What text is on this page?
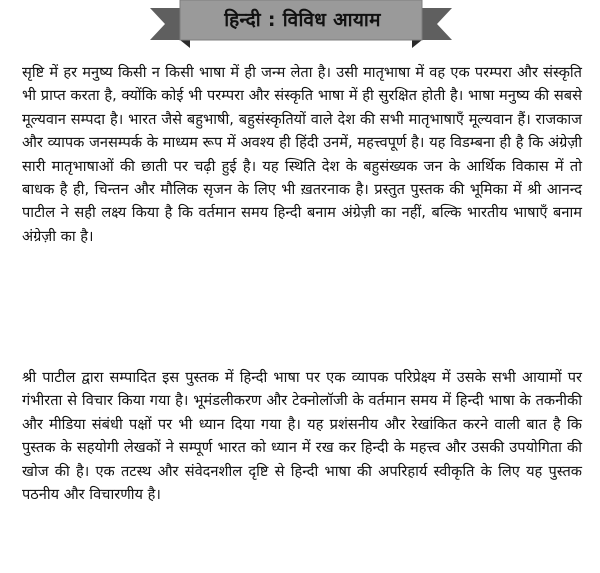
हिन्दी : विविध आयाम

सृष्टि में हर मनुष्य किसी न किसी भाषा में ही जन्म लेता है। उसी मातृभाषा में वह एक परम्परा और संस्कृति भी प्राप्त करता है, क्योंकि कोई भी परम्परा और संस्कृति भाषा में ही सुरक्षित होती है। भाषा मनुष्य की सबसे मूल्यवान सम्पदा है। भारत जैसे बहुभाषी, बहुसंस्कृतियों वाले देश की सभी मातृभाषाएँ मूल्यवान हैं। राजकाज और व्यापक जनसम्पर्क के माध्यम रूप में अवश्य ही हिंदी उनमें, महत्त्वपूर्ण है। यह विडम्बना ही है कि अंग्रेज़ी सारी मातृभाषाओं की छाती पर चढ़ी हुई है। यह स्थिति देश के बहुसंख्यक जन के आर्थिक विकास में तो बाधक है ही, चिन्तन और मौलिक सृजन के लिए भी ख़तरनाक है। प्रस्तुत पुस्तक की भूमिका में श्री आनन्द पाटील ने सही लक्ष्य किया है कि वर्तमान समय हिन्दी बनाम अंग्रेज़ी का नहीं, बल्कि भारतीय भाषाएँ बनाम अंग्रेज़ी का है।

श्री पाटील द्वारा सम्पादित इस पुस्तक में हिन्दी भाषा पर एक व्यापक परिप्रेक्ष्य में उसके सभी आयामों पर गंभीरता से विचार किया गया है। भूमंडलीकरण और टेक्नोलॉजी के वर्तमान समय में हिन्दी भाषा के तकनीकी और मीडिया संबंधी पक्षों पर भी ध्यान दिया गया है। यह प्रशंसनीय और रेखांकित करने वाली बात है कि पुस्तक के सहयोगी लेखकों ने सम्पूर्ण भारत को ध्यान में रख कर हिन्दी के महत्त्व और उसकी उपयोगिता की खोज की है। एक तटस्थ और संवेदनशील दृष्टि से हिन्दी भाषा की अपरिहार्य स्वीकृति के लिए यह पुस्तक पठनीय और विचारणीय है।
